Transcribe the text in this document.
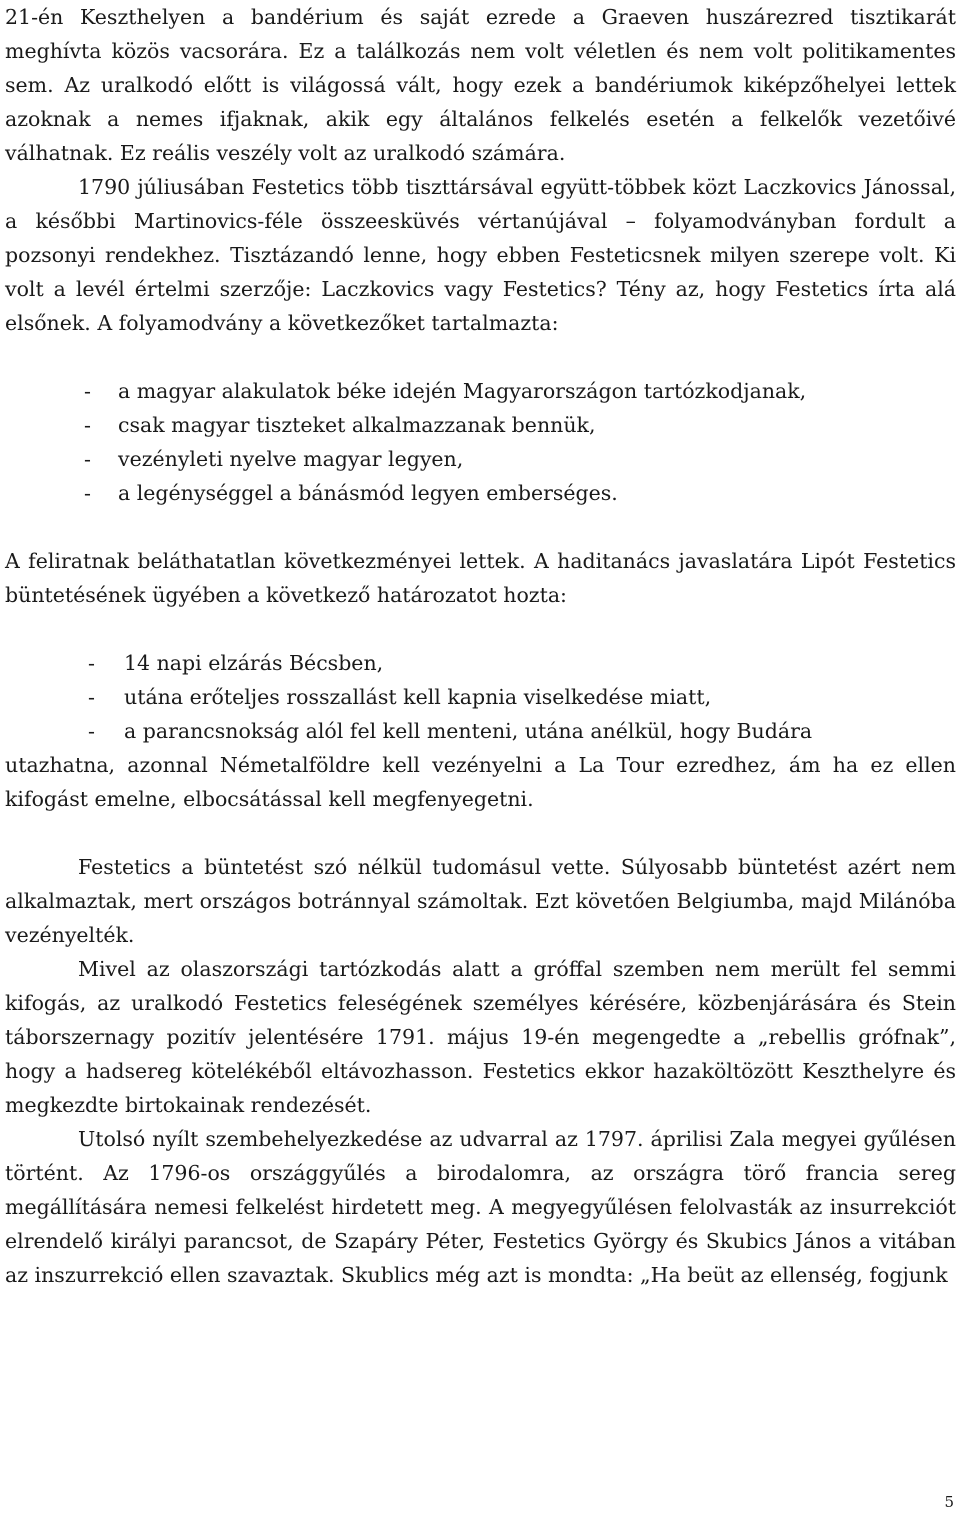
21-én Keszthelyen a bandérium és saját ezrede a Graeven huszárezred tisztikarát meghívta közös vacsorára. Ez a találkozás nem volt véletlen és nem volt politikamentes sem. Az uralkodó előtt is világossá vált, hogy ezek a bandériumok kiképzőhelyei lettek azoknak a nemes ifjaknak, akik egy általános felkelés esetén a felkelők vezetőivé válhatnak. Ez reális veszély volt az uralkodó számára.

1790 júliusában Festetics több tiszttársával együtt-többek közt Laczkovics Jánossal, a későbbi Martinovics-féle összeesküvés vértanújával – folyamodványban fordult a pozsonyi rendekhez. Tisztázandó lenne, hogy ebben Festeticsnek milyen szerepe volt. Ki volt a levél értelmi szerzője: Laczkovics vagy Festetics? Tény az, hogy Festetics írta alá elsőnek. A folyamodvány a következőket tartalmazta:

-	a magyar alakulatok béke idején Magyarországon tartózkodjanak,
-	csak magyar tiszteket alkalmazzanak bennük,
-	vezényleti nyelve magyar legyen,
-	a legénységgel a bánásmód legyen emberséges.

A feliratnak beláthatatlan következményei lettek. A haditanács javaslatára Lipót Festetics büntetésének ügyében a következő határozatot hozta:

-	14 napi elzárás Bécsben,
-	utána erőteljes rosszallást kell kapnia viselkedése miatt,
-	a parancsnokság alól fel kell menteni, utána anélkül, hogy Budára

utazhatna, azonnal Németalföldre kell vezényelni a La Tour ezredhez, ám ha ez ellen kifogást emelne, elbocsátással kell megfenyegetni.

Festetics a büntetést szó nélkül tudomásul vette. Súlyosabb büntetést azért nem alkalmaztak, mert országos botránnyal számoltak. Ezt követően Belgiumba, majd Milánóba vezényelték.

Mivel az olaszországi tartózkodás alatt a gróffal szemben nem merült fel semmi kifogás, az uralkodó Festetics feleségének személyes kérésére, közbenjárására és Stein táborszernagy pozitív jelentésére 1791. május 19-én megengedte a „rebellis grófnak”, hogy a hadsereg kötelékéből eltávozhasson. Festetics ekkor hazaköltözött Keszthelyre és megkezdte birtokainak rendezését.

Utolsó nyílt szembehelyezkedése az udvarral az 1797. áprilisi Zala megyei gyűlésen történt. Az 1796-os országgyűlés a birodalomra, az országra törő francia sereg megállítására nemesi felkelést hirdetett meg. A megyegyűlésen felolvasták az insurrekciót elrendelő királyi parancsot, de Szapáry Péter, Festetics György és Skubics János a vitában az inszurrekció ellen szavaztak. Skublics még azt is mondta: „Ha beüt az ellenség, fogjunk

5
